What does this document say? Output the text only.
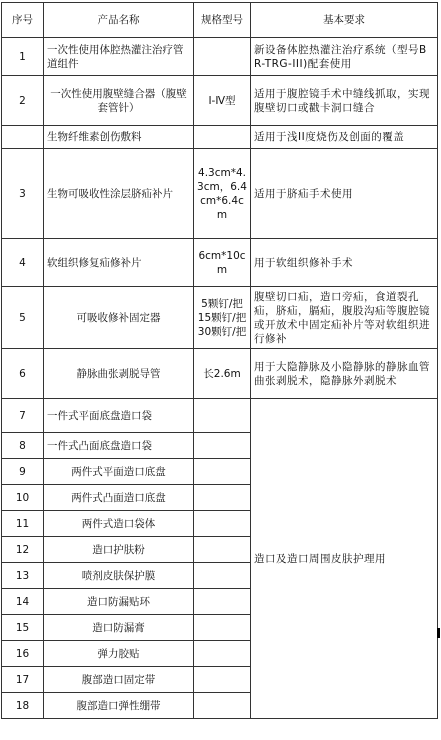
序号	产品名称	规格型号	基本要求
1	一次性使用体腔热灌注治疗管道组件		新设备体腔热灌注治疗系统（型号BR-TRG-III)配套使用
2	一次性使用腹壁缝合器（腹壁套管针）	Ⅰ-Ⅳ型	适用于腹腔镜手术中缝线抓取，实现腹壁切口或戳卡洞口缝合
	生物纤维素创伤敷料		适用于浅II度烧伤及创面的覆盖
3	生物可吸收性涂层脐疝补片	4.3cm*4.3cm，6.4cm*6.4cm	适用于脐疝手术使用
4	软组织修复疝修补片	6cm*10cm	用于软组织修补手术
5	可吸收修补固定器	5颗钉/把 15颗钉/把 30颗钉/把	腹壁切口疝，造口旁疝，食道裂孔疝，脐疝，膈疝，腹股沟疝等腹腔镜或开放术中固定疝补片等对软组织进行修补
6	静脉曲张剥脱导管	长2.6m	用于大隐静脉及小隐静脉的静脉血管曲张剥脱术，隐静脉外剥脱术
7	一件式平面底盘造口袋		造口及造口周围皮肤护理用
8	一件式凸面底盘造口袋		
9	两件式平面造口底盘		
10	两件式凸面造口底盘		
11	两件式造口袋体		
12	造口护肤粉		
13	喷剂皮肤保护膜		
14	造口防漏贴环		
15	造口防漏膏		
16	弹力胶贴		
17	腹部造口固定带		
18	腹部造口弹性绷带		
